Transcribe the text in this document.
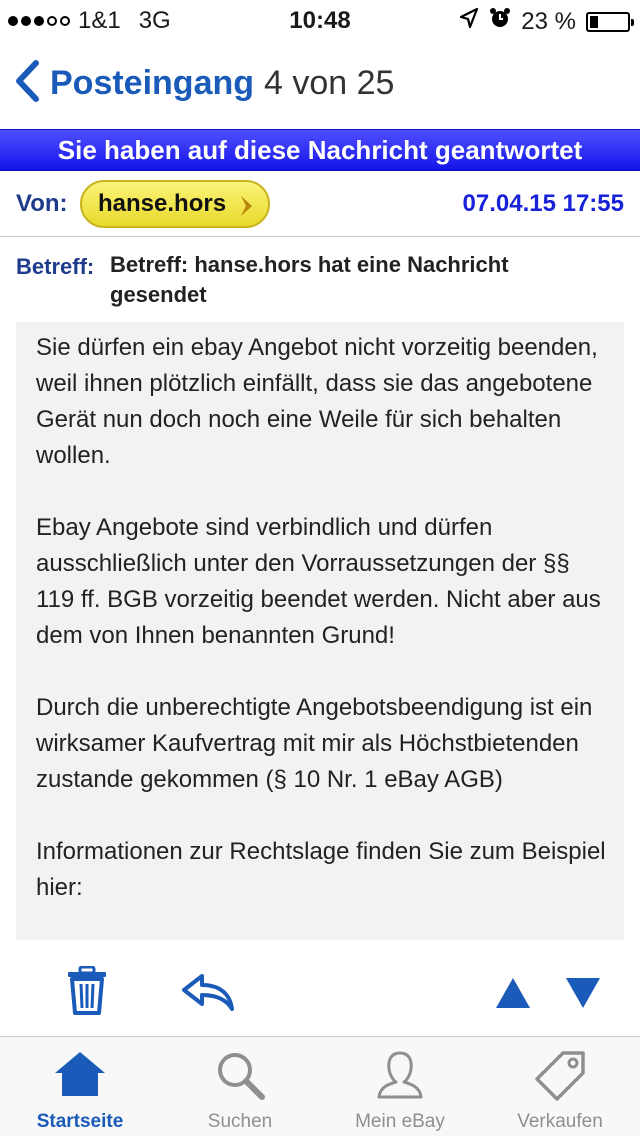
1&1 3G	10:48	23 %
Posteingang 4 von 25
Sie haben auf diese Nachricht geantwortet
Von: hanse.hors	07.04.15 17:55
Betreff: Betreff: hanse.hors hat eine Nachricht gesendet

Sie dürfen ein ebay Angebot nicht vorzeitig beenden, weil ihnen plötzlich einfällt, dass sie das angebotene Gerät nun doch noch eine Weile für sich behalten wollen.

Ebay Angebote sind verbindlich und dürfen ausschließlich unter den Vorraussetzungen der §§ 119 ff. BGB vorzeitig beendet werden. Nicht aber aus dem von Ihnen benannten Grund!

Durch die unberechtigte Angebotsbeendigung ist ein wirksamer Kaufvertrag mit mir als Höchstbietenden zustande gekommen (§ 10 Nr. 1 eBay AGB)

Informationen zur Rechtslage finden Sie zum Beispiel hier:

Startseite	Suchen	Mein eBay	Verkaufen
